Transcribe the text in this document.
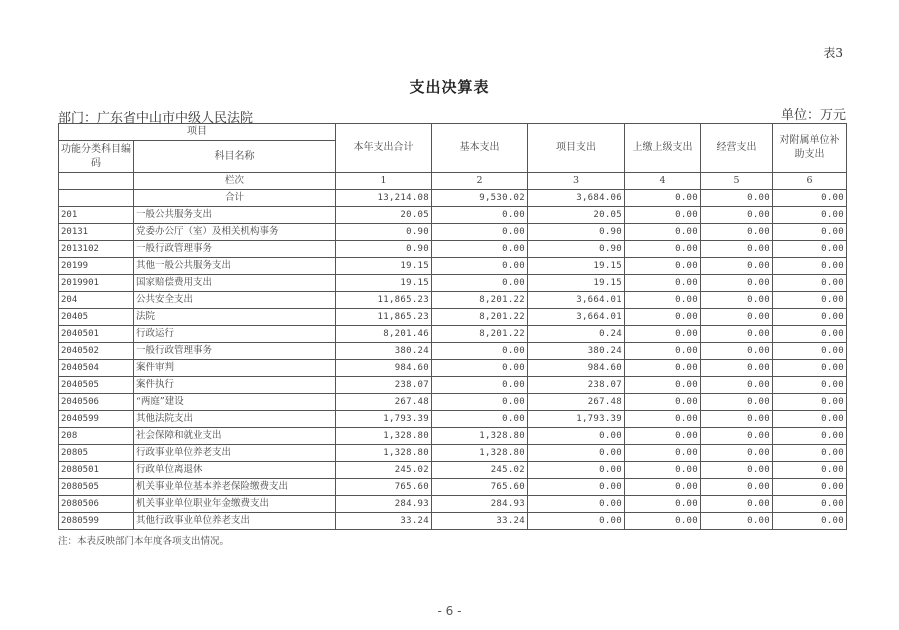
表3
支出决算表
部门：广东省中山市中级人民法院	单位：万元
项目		本年支出合计	基本支出	项目支出	上缴上级支出	经营支出	对附属单位补助支出
功能分类科目编码	科目名称						
	栏次	1	2	3	4	5	6
	合计	13,214.08	9,530.02	3,684.06	0.00	0.00	0.00
201	一般公共服务支出	20.05	0.00	20.05	0.00	0.00	0.00
20131	党委办公厅（室）及相关机构事务	0.90	0.00	0.90	0.00	0.00	0.00
2013102	一般行政管理事务	0.90	0.00	0.90	0.00	0.00	0.00
20199	其他一般公共服务支出	19.15	0.00	19.15	0.00	0.00	0.00
2019901	国家赔偿费用支出	19.15	0.00	19.15	0.00	0.00	0.00
204	公共安全支出	11,865.23	8,201.22	3,664.01	0.00	0.00	0.00
20405	法院	11,865.23	8,201.22	3,664.01	0.00	0.00	0.00
2040501	行政运行	8,201.46	8,201.22	0.24	0.00	0.00	0.00
2040502	一般行政管理事务	380.24	0.00	380.24	0.00	0.00	0.00
2040504	案件审判	984.60	0.00	984.60	0.00	0.00	0.00
2040505	案件执行	238.07	0.00	238.07	0.00	0.00	0.00
2040506	“两庭”建设	267.48	0.00	267.48	0.00	0.00	0.00
2040599	其他法院支出	1,793.39	0.00	1,793.39	0.00	0.00	0.00
208	社会保障和就业支出	1,328.80	1,328.80	0.00	0.00	0.00	0.00
20805	行政事业单位养老支出	1,328.80	1,328.80	0.00	0.00	0.00	0.00
2080501	行政单位离退休	245.02	245.02	0.00	0.00	0.00	0.00
2080505	机关事业单位基本养老保险缴费支出	765.60	765.60	0.00	0.00	0.00	0.00
2080506	机关事业单位职业年金缴费支出	284.93	284.93	0.00	0.00	0.00	0.00
2080599	其他行政事业单位养老支出	33.24	33.24	0.00	0.00	0.00	0.00
注：本表反映部门本年度各项支出情况。
- 6 -
